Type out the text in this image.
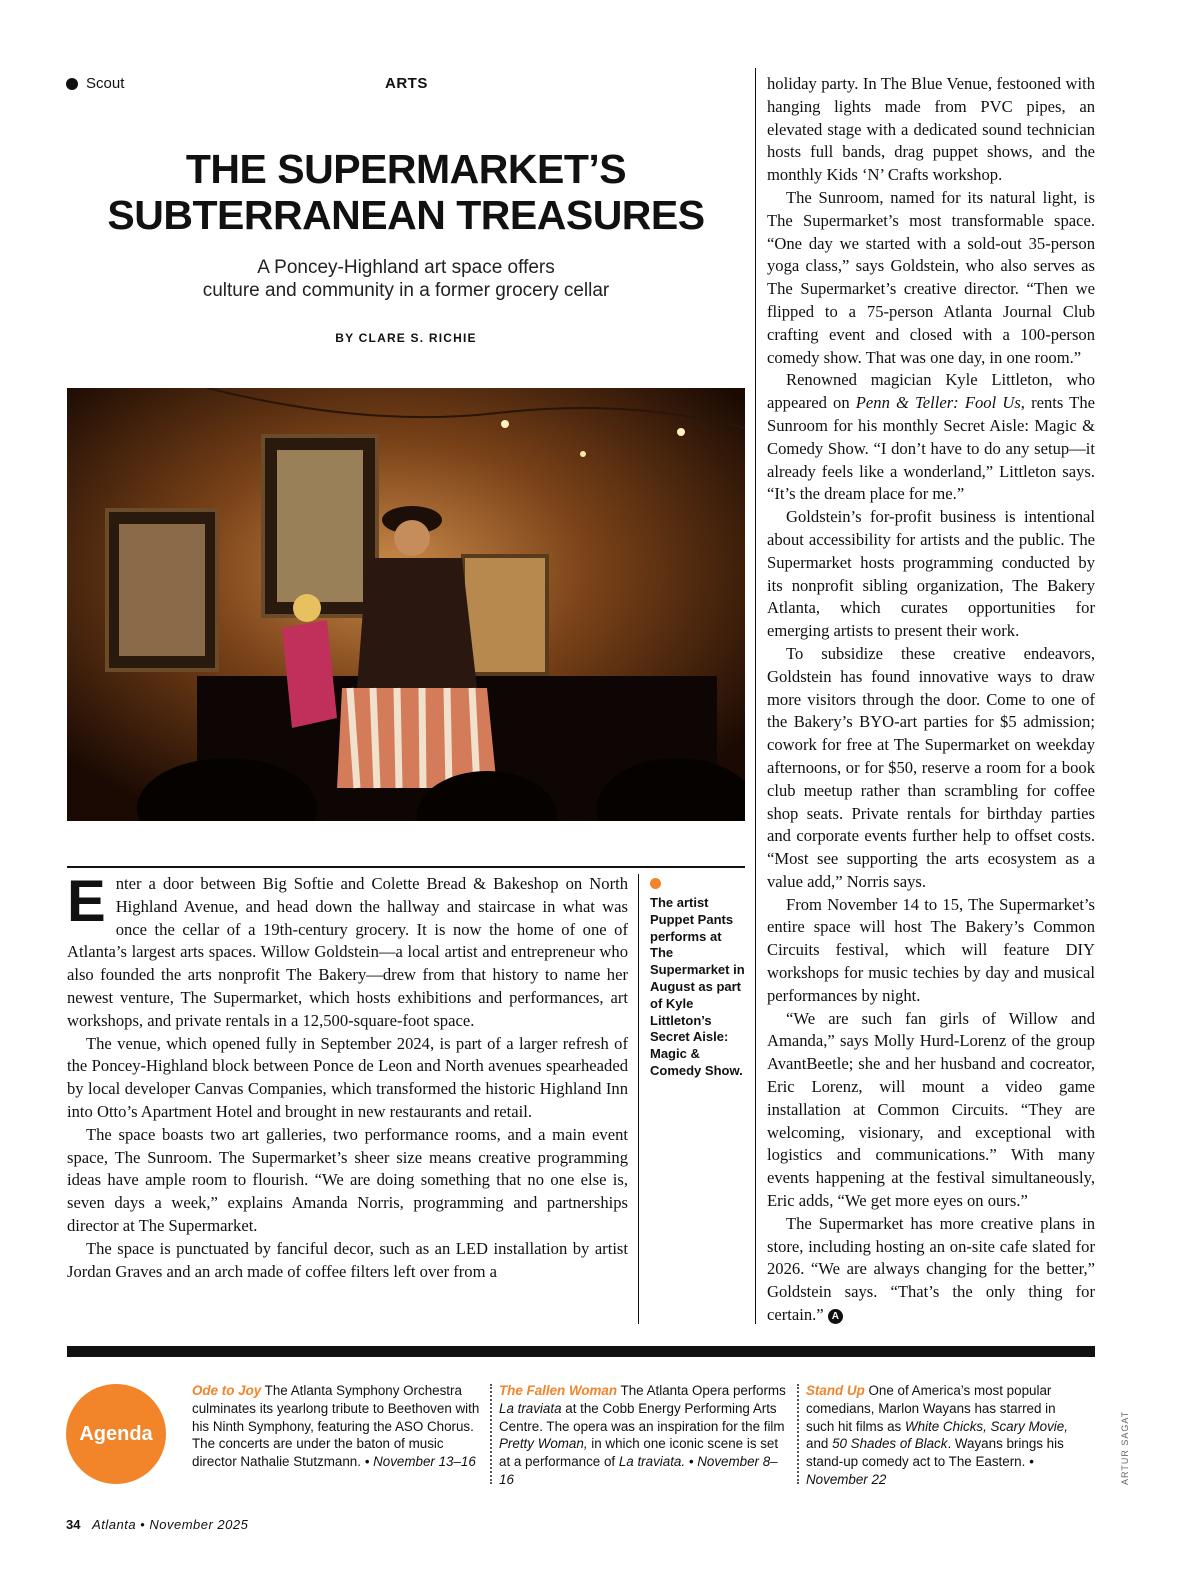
Scout	ARTS
THE SUPERMARKET’S
SUBTERRANEAN TREASURES
A Poncey-Highland art space offers
culture and community in a former grocery cellar
BY CLARE S. RICHIE

Enter a door between Big Softie and Colette Bread & Bakeshop on North Highland Avenue, and head down the hallway and staircase in what was once the cellar of a 19th-century grocery. It is now the home of one of Atlanta’s largest arts spaces. Willow Goldstein—a local artist and entrepreneur who also founded the arts nonprofit The Bakery—drew from that history to name her newest venture, The Supermarket, which hosts exhibitions and performances, art workshops, and private rentals in a 12,500-square-foot space.

The venue, which opened fully in September 2024, is part of a larger refresh of the Poncey-Highland block between Ponce de Leon and North avenues spearheaded by local developer Canvas Companies, which transformed the historic Highland Inn into Otto’s Apartment Hotel and brought in new restaurants and retail.

The space boasts two art galleries, two performance rooms, and a main event space, The Sunroom. The Supermarket’s sheer size means creative programming ideas have ample room to flourish. “We are doing something that no one else is, seven days a week,” explains Amanda Norris, programming and partnerships director at The Supermarket.

The space is punctuated by fanciful decor, such as an LED installation by artist Jordan Graves and an arch made of coffee filters left over from a

The artist Puppet Pants performs at The Supermarket in August as part of Kyle Littleton’s Secret Aisle: Magic & Comedy Show.

holiday party. In The Blue Venue, festooned with hanging lights made from PVC pipes, an elevated stage with a dedicated sound technician hosts full bands, drag puppet shows, and the monthly Kids ‘N’ Crafts workshop.

The Sunroom, named for its natural light, is The Supermarket’s most transformable space. “One day we started with a sold-out 35-person yoga class,” says Goldstein, who also serves as The Supermarket’s creative director. “Then we flipped to a 75-person Atlanta Journal Club crafting event and closed with a 100-person comedy show. That was one day, in one room.”

Renowned magician Kyle Littleton, who appeared on Penn & Teller: Fool Us, rents The Sunroom for his monthly Secret Aisle: Magic & Comedy Show. “I don’t have to do any setup—it already feels like a wonderland,” Littleton says. “It’s the dream place for me.”

Goldstein’s for-profit business is intentional about accessibility for artists and the public. The Supermarket hosts programming conducted by its nonprofit sibling organization, The Bakery Atlanta, which curates opportunities for emerging artists to present their work.

To subsidize these creative endeavors, Goldstein has found innovative ways to draw more visitors through the door. Come to one of the Bakery’s BYO-art parties for $5 admission; cowork for free at The Supermarket on weekday afternoons, or for $50, reserve a room for a book club meetup rather than scrambling for coffee shop seats. Private rentals for birthday parties and corporate events further help to offset costs. “Most see supporting the arts ecosystem as a value add,” Norris says.

From November 14 to 15, The Supermarket’s entire space will host The Bakery’s Common Circuits festival, which will feature DIY workshops for music techies by day and musical performances by night.

“We are such fan girls of Willow and Amanda,” says Molly Hurd-Lorenz of the group AvantBeetle; she and her husband and cocreator, Eric Lorenz, will mount a video game installation at Common Circuits. “They are welcoming, visionary, and exceptional with logistics and communications.” With many events happening at the festival simultaneously, Eric adds, “We get more eyes on ours.”

The Supermarket has more creative plans in store, including hosting an on-site cafe slated for 2026. “We are always changing for the better,” Goldstein says. “That’s the only thing for certain.” A

Agenda
Ode to Joy The Atlanta Symphony Orchestra culminates its yearlong tribute to Beethoven with his Ninth Symphony, featuring the ASO Chorus. The concerts are under the baton of music director Nathalie Stutzmann. • November 13–16
The Fallen Woman The Atlanta Opera performs La traviata at the Cobb Energy Performing Arts Centre. The opera was an inspiration for the film Pretty Woman, in which one iconic scene is set at a performance of La traviata. • November 8–16
Stand Up One of America’s most popular comedians, Marlon Wayans has starred in such hit films as White Chicks, Scary Movie, and 50 Shades of Black. Wayans brings his stand-up comedy act to The Eastern. • November 22	ARTUR SAGAT
34 Atlanta • November 2025
